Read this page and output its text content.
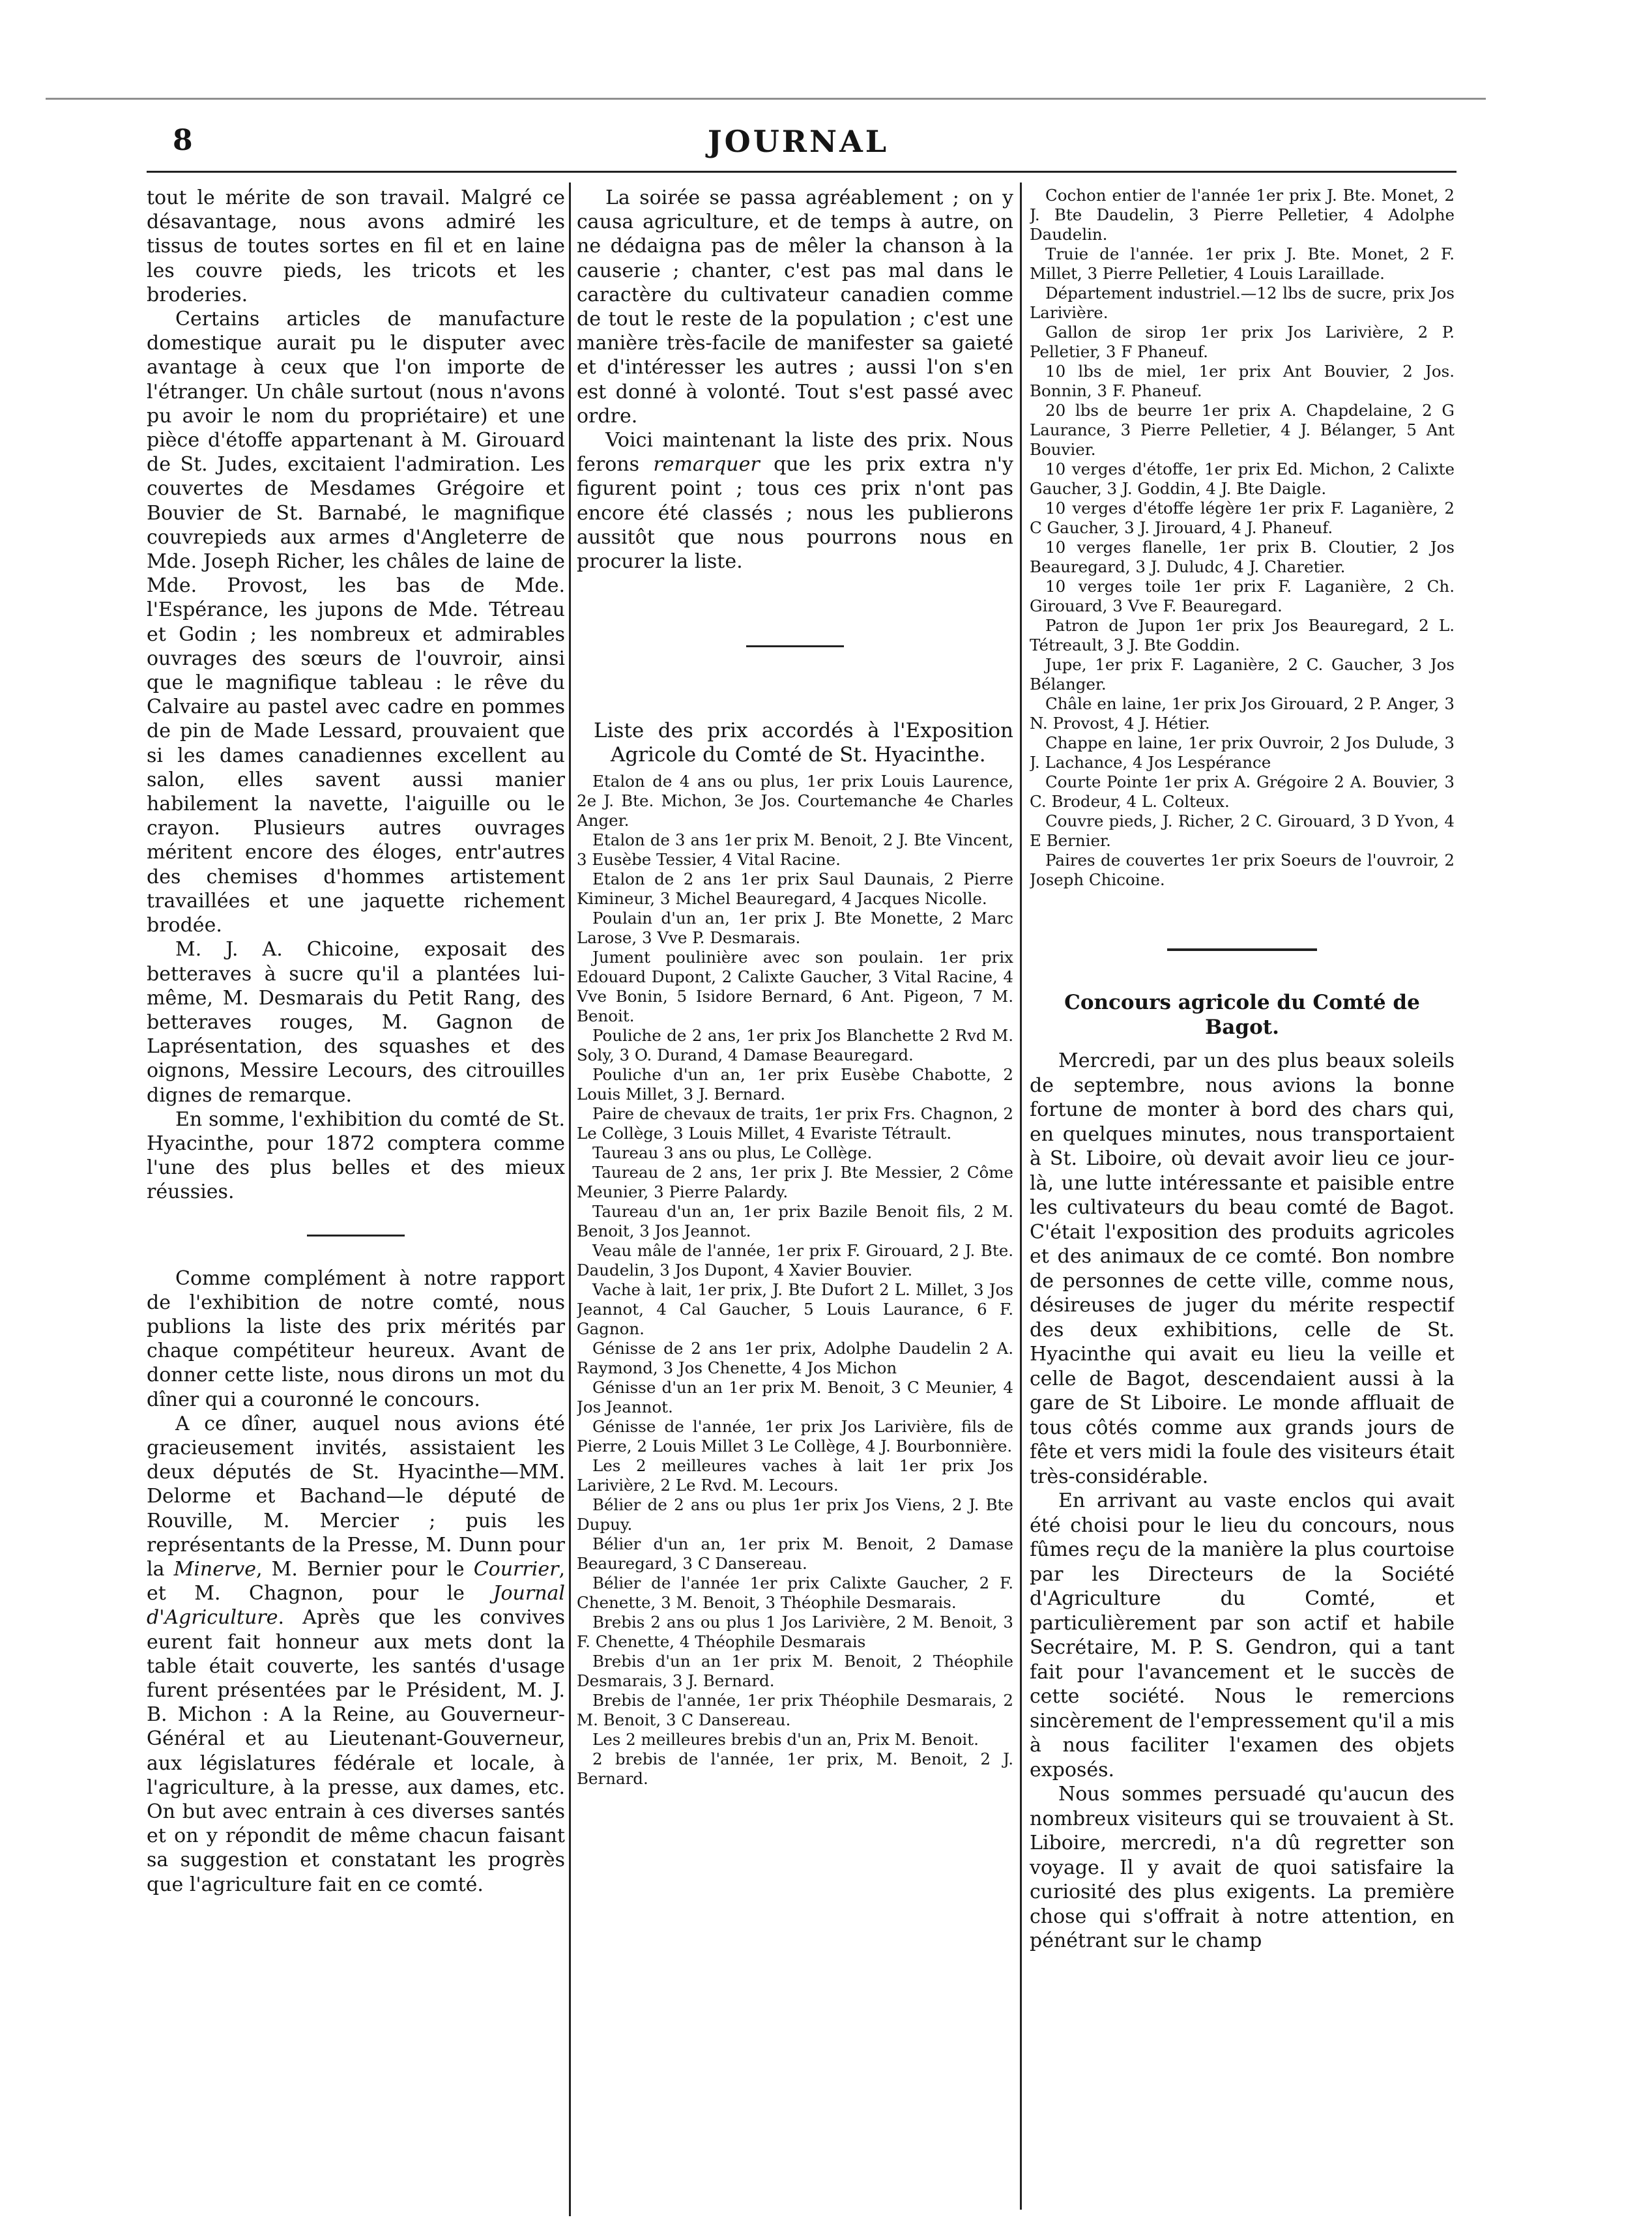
8	JOURNAL

tout le mérite de son travail. Malgré ce désavantage, nous avons admiré les tissus de toutes sortes en fil et en laine les couvre pieds, les tricots et les broderies.

Certains articles de manufacture domestique aurait pu le disputer avec avantage à ceux que l'on importe de l'étranger. Un châle surtout (nous n'avons pu avoir le nom du propriétaire) et une pièce d'étoffe appartenant à M. Girouard de St. Judes, excitaient l'admiration. Les couvertes de Mesdames Grégoire et Bouvier de St. Barnabé, le magnifique couvrepieds aux armes d'Angleterre de Mde. Joseph Richer, les châles de laine de Mde. Provost, les bas de Mde. l'Espérance, les jupons de Mde. Tétreau et Godin ; les nombreux et admirables ouvrages des sœurs de l'ouvroir, ainsi que le magnifique tableau : le rêve du Calvaire au pastel avec cadre en pommes de pin de Made Lessard, prouvaient que si les dames canadiennes excellent au salon, elles savent aussi manier habilement la navette, l'aiguille ou le crayon. Plusieurs autres ouvrages méritent encore des éloges, entr'autres des chemises d'hommes artistement travaillées et une jaquette richement brodée.

M. J. A. Chicoine, exposait des betteraves à sucre qu'il a plantées lui-même, M. Desmarais du Petit Rang, des betteraves rouges, M. Gagnon de Laprésentation, des squashes et des oignons, Messire Lecours, des citrouilles dignes de remarque.

En somme, l'exhibition du comté de St. Hyacinthe, pour 1872 comptera comme l'une des plus belles et des mieux réussies.

Comme complément à notre rapport de l'exhibition de notre comté, nous publions la liste des prix mérités par chaque compétiteur heureux. Avant de donner cette liste, nous dirons un mot du dîner qui a couronné le concours.

A ce dîner, auquel nous avions été gracieusement invités, assistaient les deux députés de St. Hyacinthe—MM. Delorme et Bachand—le député de Rouville, M. Mercier ; puis les représentants de la Presse, M. Dunn pour la Minerve, M. Bernier pour le Courrier, et M. Chagnon, pour le Journal d'Agriculture. Après que les convives eurent fait honneur aux mets dont la table était couverte, les santés d'usage furent présentées par le Président, M. J. B. Michon : A la Reine, au Gouverneur-Général et au Lieutenant-Gouverneur, aux législatures fédérale et locale, à l'agriculture, à la presse, aux dames, etc. On but avec entrain à ces diverses santés et on y répondit de même chacun faisant sa suggestion et constatant les progrès que l'agriculture fait en ce comté.

La soirée se passa agréablement ; on y causa agriculture, et de temps à autre, on ne dédaigna pas de mêler la chanson à la causerie ; chanter, c'est pas mal dans le caractère du cultivateur canadien comme de tout le reste de la population ; c'est une manière très-facile de manifester sa gaieté et d'intéresser les autres ; aussi l'on s'en est donné à volonté. Tout s'est passé avec ordre.

Voici maintenant la liste des prix. Nous ferons remarquer que les prix extra n'y figurent point ; tous ces prix n'ont pas encore été classés ; nous les publierons aussitôt que nous pourrons nous en procurer la liste.

Liste des prix accordés à l'Exposition Agricole du Comté de St. Hyacinthe.

Etalon de 4 ans ou plus, 1er prix Louis Laurence, 2e J. Bte. Michon, 3e Jos. Courtemanche 4e Charles Anger.

Etalon de 3 ans 1er prix M. Benoit, 2 J. Bte Vincent, 3 Eusèbe Tessier, 4 Vital Racine.

Etalon de 2 ans 1er prix Saul Daunais, 2 Pierre Kimineur, 3 Michel Beauregard, 4 Jacques Nicolle.

Poulain d'un an, 1er prix J. Bte Monette, 2 Marc Larose, 3 Vve P. Desmarais.

Jument poulinière avec son poulain. 1er prix Edouard Dupont, 2 Calixte Gaucher, 3 Vital Racine, 4 Vve Bonin, 5 Isidore Bernard, 6 Ant. Pigeon, 7 M. Benoit.

Pouliche de 2 ans, 1er prix Jos Blanchette 2 Rvd M. Soly, 3 O. Durand, 4 Damase Beauregard.

Pouliche d'un an, 1er prix Eusèbe Chabotte, 2 Louis Millet, 3 J. Bernard.

Paire de chevaux de traits, 1er prix Frs. Chagnon, 2 Le Collège, 3 Louis Millet, 4 Evariste Tétrault.

Taureau 3 ans ou plus, Le Collège.

Taureau de 2 ans, 1er prix J. Bte Messier, 2 Côme Meunier, 3 Pierre Palardy.

Taureau d'un an, 1er prix Bazile Benoit fils, 2 M. Benoit, 3 Jos Jeannot.

Veau mâle de l'année, 1er prix F. Girouard, 2 J. Bte. Daudelin, 3 Jos Dupont, 4 Xavier Bouvier.

Vache à lait, 1er prix, J. Bte Dufort 2 L. Millet, 3 Jos Jeannot, 4 Cal Gaucher, 5 Louis Laurance, 6 F. Gagnon.

Génisse de 2 ans 1er prix, Adolphe Daudelin 2 A. Raymond, 3 Jos Chenette, 4 Jos Michon

Génisse d'un an 1er prix M. Benoit, 3 C Meunier, 4 Jos Jeannot.

Génisse de l'année, 1er prix Jos Larivière, fils de Pierre, 2 Louis Millet 3 Le Collège, 4 J. Bourbonnière.

Les 2 meilleures vaches à lait 1er prix Jos Larivière, 2 Le Rvd. M. Lecours.

Bélier de 2 ans ou plus 1er prix Jos Viens, 2 J. Bte Dupuy.

Bélier d'un an, 1er prix M. Benoit, 2 Damase Beauregard, 3 C Dansereau.

Bélier de l'année 1er prix Calixte Gaucher, 2 F. Chenette, 3 M. Benoit, 3 Théophile Desmarais.

Brebis 2 ans ou plus 1 Jos Larivière, 2 M. Benoit, 3 F. Chenette, 4 Théophile Desmarais

Brebis d'un an 1er prix M. Benoit, 2 Théophile Desmarais, 3 J. Bernard.

Brebis de l'année, 1er prix Théophile Desmarais, 2 M. Benoit, 3 C Dansereau.

Les 2 meilleures brebis d'un an, Prix M. Benoit.

2 brebis de l'année, 1er prix, M. Benoit, 2 J. Bernard.

Cochon entier de l'année 1er prix J. Bte. Monet, 2 J. Bte Daudelin, 3 Pierre Pelletier, 4 Adolphe Daudelin.

Truie de l'année. 1er prix J. Bte. Monet, 2 F. Millet, 3 Pierre Pelletier, 4 Louis Laraillade.

Département industriel.—12 lbs de sucre, prix Jos Larivière.

Gallon de sirop 1er prix Jos Larivière, 2 P. Pelletier, 3 F Phaneuf.

10 lbs de miel, 1er prix Ant Bouvier, 2 Jos. Bonnin, 3 F. Phaneuf.

20 lbs de beurre 1er prix A. Chapdelaine, 2 G Laurance, 3 Pierre Pelletier, 4 J. Bélanger, 5 Ant Bouvier.

10 verges d'étoffe, 1er prix Ed. Michon, 2 Calixte Gaucher, 3 J. Goddin, 4 J. Bte Daigle.

10 verges d'étoffe légère 1er prix F. Laganière, 2 C Gaucher, 3 J. Jirouard, 4 J. Phaneuf.

10 verges flanelle, 1er prix B. Cloutier, 2 Jos Beauregard, 3 J. Duludc, 4 J. Charetier.

10 verges toile 1er prix F. Laganière, 2 Ch. Girouard, 3 Vve F. Beauregard.

Patron de Jupon 1er prix Jos Beauregard, 2 L. Tétreault, 3 J. Bte Goddin.

Jupe, 1er prix F. Laganière, 2 C. Gaucher, 3 Jos Bélanger.

Châle en laine, 1er prix Jos Girouard, 2 P. Anger, 3 N. Provost, 4 J. Hétier.

Chappe en laine, 1er prix Ouvroir, 2 Jos Dulude, 3 J. Lachance, 4 Jos Lespérance

Courte Pointe 1er prix A. Grégoire 2 A. Bouvier, 3 C. Brodeur, 4 L. Colteux.

Couvre pieds, J. Richer, 2 C. Girouard, 3 D Yvon, 4 E Bernier.

Paires de couvertes 1er prix Soeurs de l'ouvroir, 2 Joseph Chicoine.

Concours agricole du Comté de Bagot.

Mercredi, par un des plus beaux soleils de septembre, nous avions la bonne fortune de monter à bord des chars qui, en quelques minutes, nous transportaient à St. Liboire, où devait avoir lieu ce jour-là, une lutte intéressante et paisible entre les cultivateurs du beau comté de Bagot. C'était l'exposition des produits agricoles et des animaux de ce comté. Bon nombre de personnes de cette ville, comme nous, désireuses de juger du mérite respectif des deux exhibitions, celle de St. Hyacinthe qui avait eu lieu la veille et celle de Bagot, descendaient aussi à la gare de St Liboire. Le monde affluait de tous côtés comme aux grands jours de fête et vers midi la foule des visiteurs était très-considérable.

En arrivant au vaste enclos qui avait été choisi pour le lieu du concours, nous fûmes reçu de la manière la plus courtoise par les Directeurs de la Société d'Agriculture du Comté, et particulièrement par son actif et habile Secrétaire, M. P. S. Gendron, qui a tant fait pour l'avancement et le succès de cette société. Nous le remercions sincèrement de l'empressement qu'il a mis à nous faciliter l'examen des objets exposés.

Nous sommes persuadé qu'aucun des nombreux visiteurs qui se trouvaient à St. Liboire, mercredi, n'a dû regretter son voyage. Il y avait de quoi satisfaire la curiosité des plus exigents. La première chose qui s'offrait à notre attention, en pénétrant sur le champ
